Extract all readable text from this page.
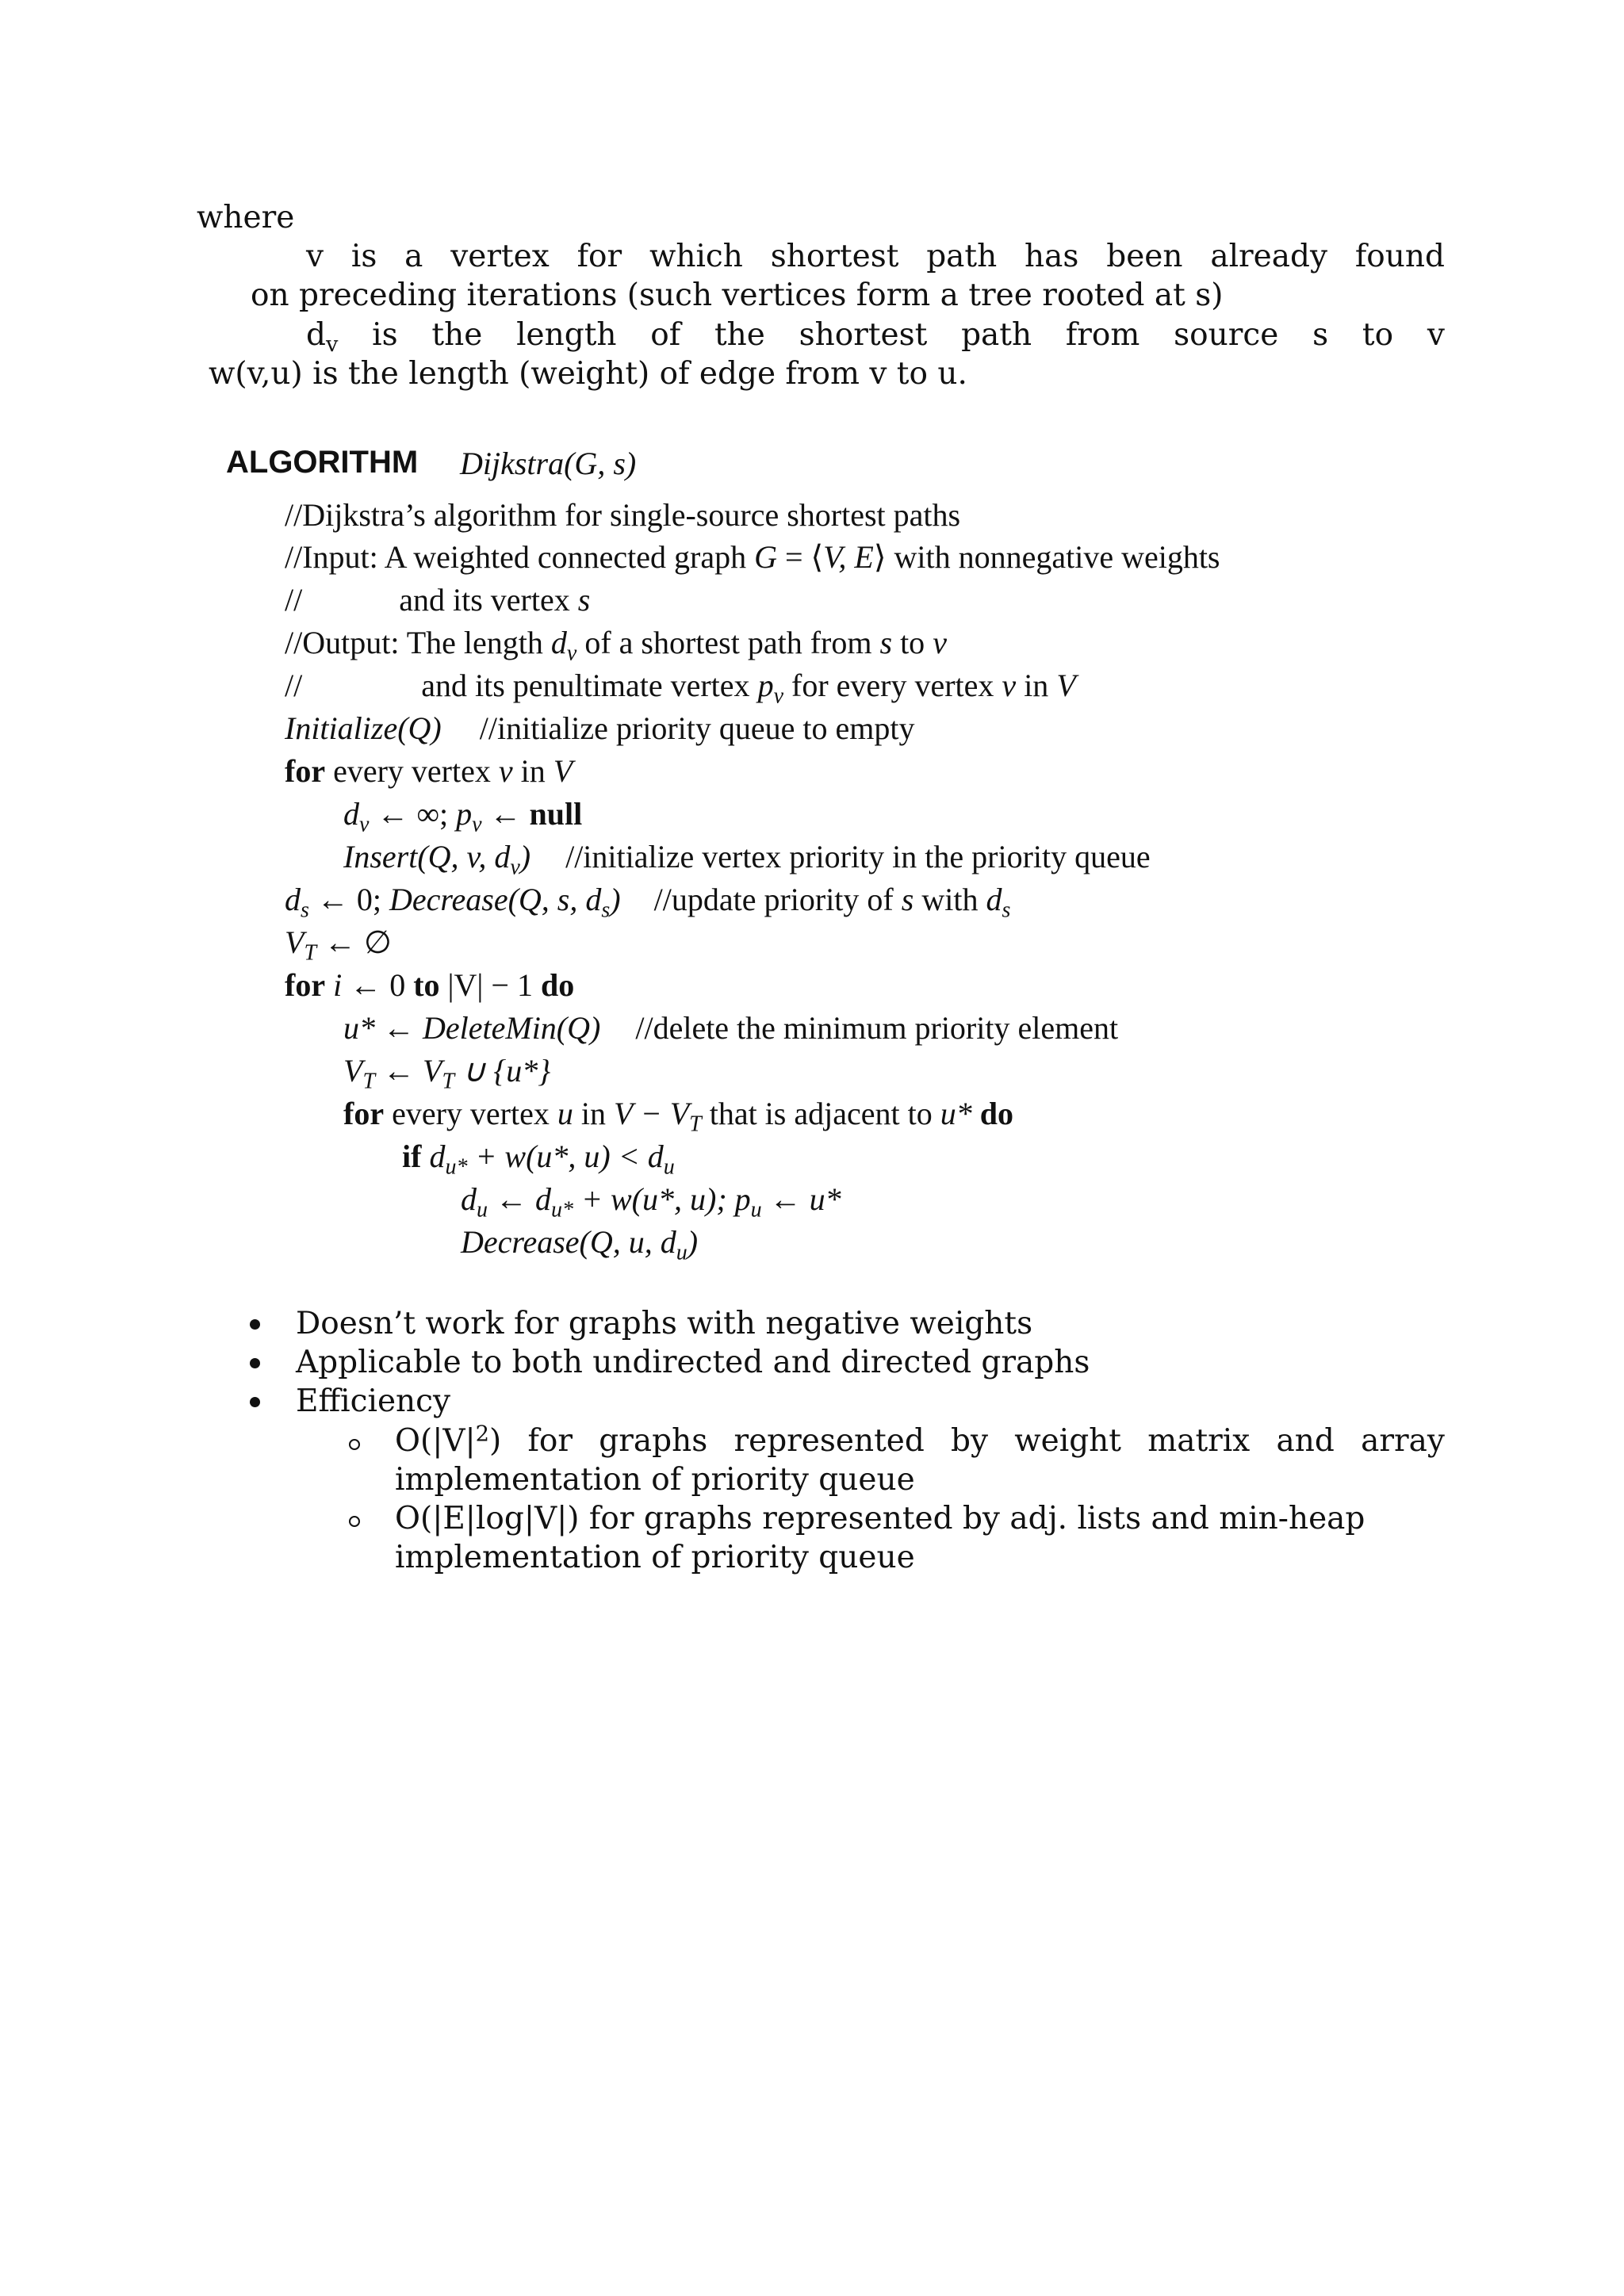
where
v is a vertex for which shortest path has been already found
on preceding iterations (such vertices form a tree rooted at s)
$d_v$ is the length of the shortest path from source s to v
w(v,u) is the length (weight) of edge from v to u.
ALGORITHM Dijkstra(G, s)
//Dijkstra’s algorithm for single-source shortest paths
//Input: A weighted connected graph G = ⟨V, E⟩ with nonnegative weights
//	and its vertex s
//Output: The length $d_v$ of a shortest path from s to v
//	and its penultimate vertex $p_v$ for every vertex v in V
Initialize(Q) //initialize priority queue to empty
for every vertex v in V
$d_v$ ← ∞; $p_v$ ← null
Insert(Q, v, $d_v$) //initialize vertex priority in the priority queue
$d_s$ ← 0; Decrease(Q, s, $d_s$) //update priority of s with $d_s$
$V_T$ ← ∅
for i ← 0 to |V| − 1 do
u* ← DeleteMin(Q) //delete the minimum priority element
$V_T$ ← $V_T$ ∪ {u*}
for every vertex u in $V - V_T$ that is adjacent to u* do
if $d_{u*} + w(u*$, $u) < d_u$
$d_u$ ← $d_{u*} + w(u*$, u); $p_u$ ← u*
Decrease(Q, u, $d_u$)
Doesn’t work for graphs with negative weights
Applicable to both undirected and directed graphs
Efficiency
$O(|V|^2)$ for graphs represented by weight matrix and array
implementation of priority queue
O(|E|log|V|) for graphs represented by adj. lists and min-heap
implementation of priority queue
